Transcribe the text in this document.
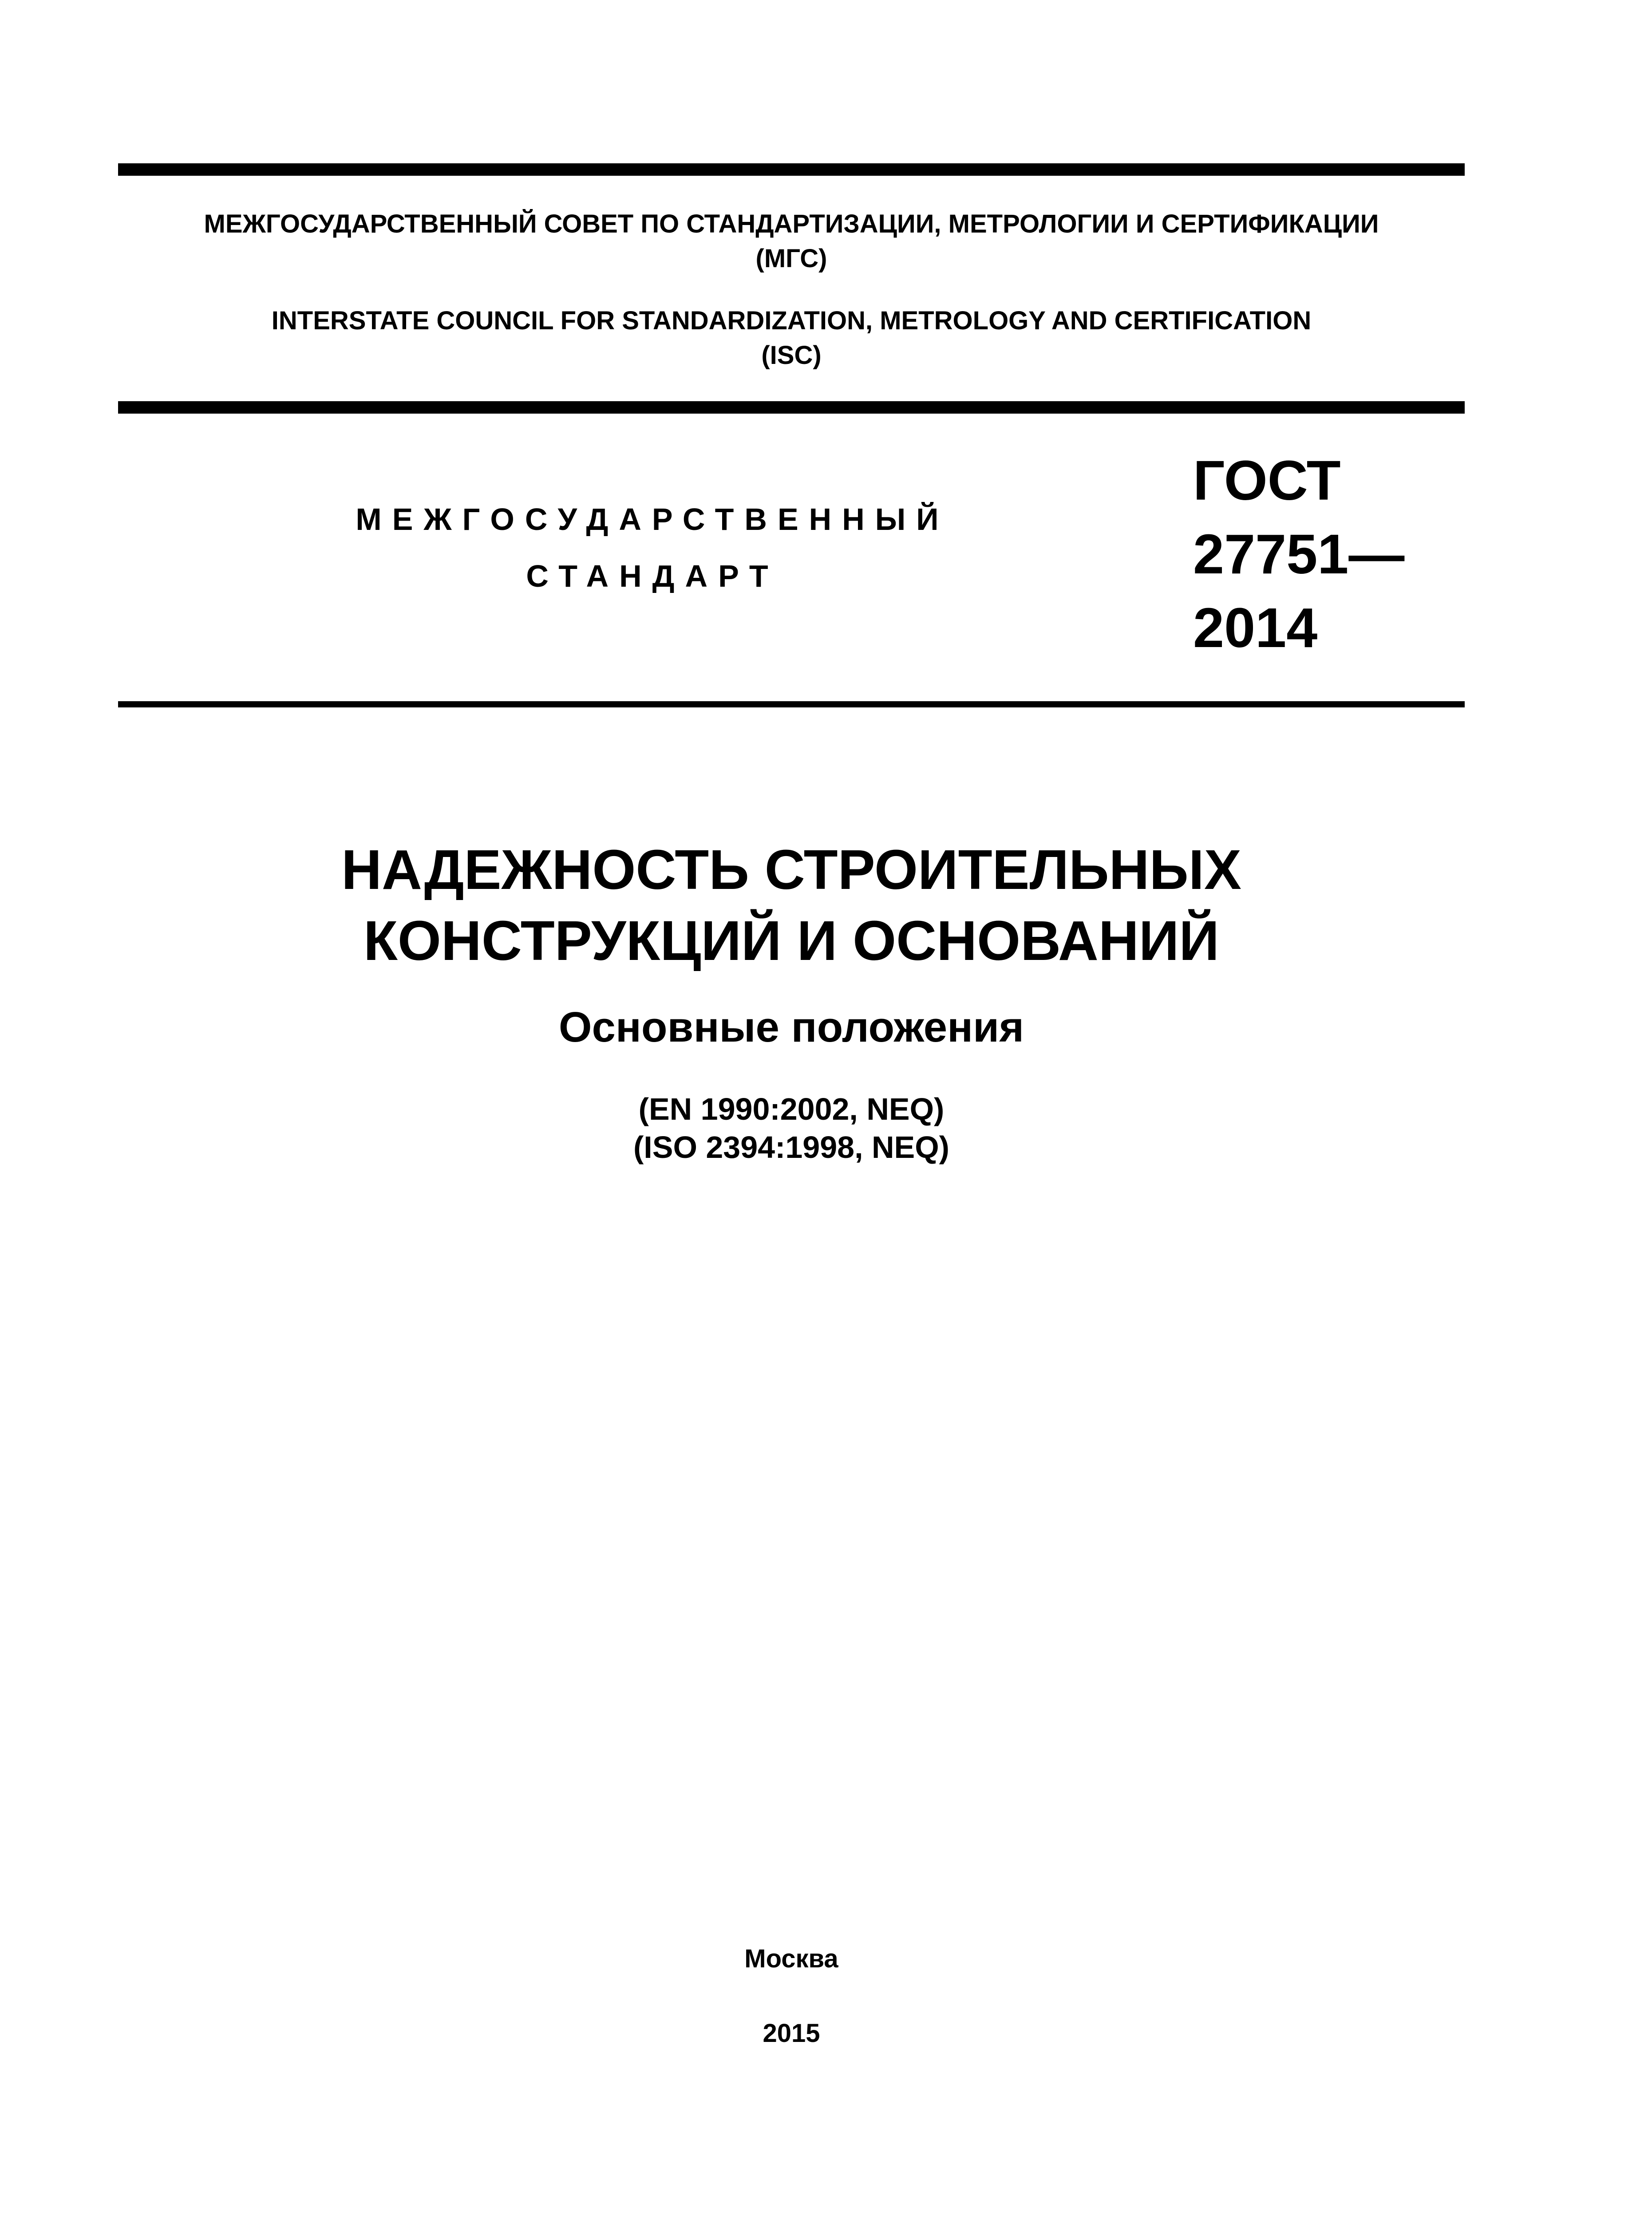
МЕЖГОСУДАРСТВЕННЫЙ СОВЕТ ПО СТАНДАРТИЗАЦИИ, МЕТРОЛОГИИ И СЕРТИФИКАЦИИ
(МГС)
INTERSTATE COUNCIL FOR STANDARDIZATION, METROLOGY AND CERTIFICATION
(ISC)
МЕЖГОСУДАРСТВЕННЫЙ
СТАНДАРТ
ГОСТ
27751—
2014
НАДЕЖНОСТЬ СТРОИТЕЛЬНЫХ
КОНСТРУКЦИЙ И ОСНОВАНИЙ
Основные положения
(EN 1990:2002, NEQ)
(ISO 2394:1998, NEQ)
Москва
2015
